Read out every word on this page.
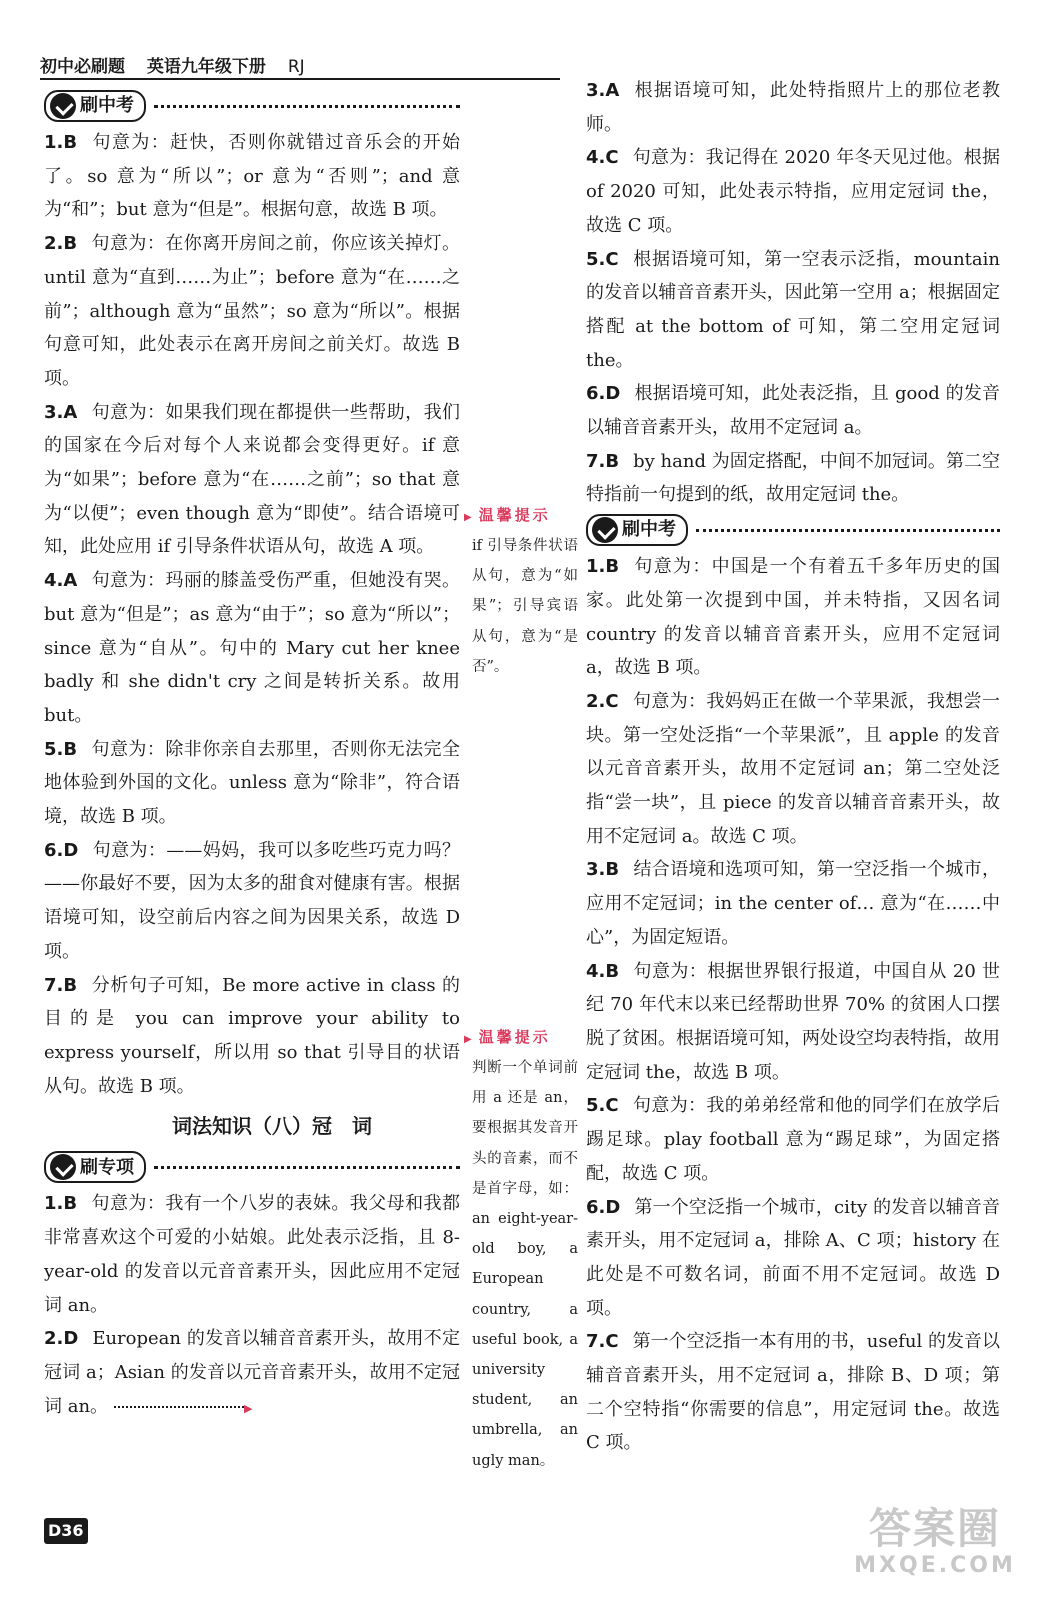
初中必刷题 英语九年级下册 RJ
刷中考
1.B 句意为：赶快，否则你就错过音乐会的开始了。so 意为“所以”；or 意为“否则”；and 意为“和”；but 意为“但是”。根据句意，故选 B 项。
2.B 句意为：在你离开房间之前，你应该关掉灯。until 意为“直到……为止”；before 意为“在……之前”；although 意为“虽然”；so 意为“所以”。根据句意可知，此处表示在离开房间之前关灯。故选 B 项。
3.A 句意为：如果我们现在都提供一些帮助，我们的国家在今后对每个人来说都会变得更好。if 意为“如果”；before 意为“在……之前”；so that 意为“以便”；even though 意为“即使”。结合语境可知，此处应用 if 引导条件状语从句，故选 A 项。
4.A 句意为：玛丽的膝盖受伤严重，但她没有哭。but 意为“但是”；as 意为“由于”；so 意为“所以”；since 意为“自从”。句中的 Mary cut her knee badly 和 she didn't cry 之间是转折关系。故用 but。
5.B 句意为：除非你亲自去那里，否则你无法完全地体验到外国的文化。unless 意为“除非”，符合语境，故选 B 项。
6.D 句意为：——妈妈，我可以多吃些巧克力吗？——你最好不要，因为太多的甜食对健康有害。根据语境可知，设空前后内容之间为因果关系，故选 D 项。
7.B 分析句子可知，Be more active in class 的目的是 you can improve your ability to express yourself，所以用 so that 引导目的状语从句。故选 B 项。
词法知识（八）冠　词
刷专项
1.B 句意为：我有一个八岁的表妹。我父母和我都非常喜欢这个可爱的小姑娘。此处表示泛指，且 8-year-old 的发音以元音音素开头，因此应用不定冠词 an。
2.D European 的发音以辅音音素开头，故用不定冠词 a；Asian 的发音以元音音素开头，故用不定冠词 an。	▶
▶ 温馨提示
if 引导条件状语从句，意为“如果”；引导宾语从句，意为“是否”。
▶ 温馨提示
判断一个单词前用 a 还是 an，要根据其发音开头的音素，而不是首字母，如：an eight-year-old boy, a European country, a useful book, a university student, an umbrella, an ugly man。
3.A 根据语境可知，此处特指照片上的那位老教师。
4.C 句意为：我记得在 2020 年冬天见过他。根据 of 2020 可知，此处表示特指，应用定冠词 the，故选 C 项。
5.C 根据语境可知，第一空表示泛指，mountain 的发音以辅音音素开头，因此第一空用 a；根据固定搭配 at the bottom of 可知，第二空用定冠词 the。
6.D 根据语境可知，此处表泛指，且 good 的发音以辅音音素开头，故用不定冠词 a。
7.B by hand 为固定搭配，中间不加冠词。第二空特指前一句提到的纸，故用定冠词 the。
刷中考
1.B 句意为：中国是一个有着五千多年历史的国家。此处第一次提到中国，并未特指，又因名词 country 的发音以辅音音素开头，应用不定冠词 a，故选 B 项。
2.C 句意为：我妈妈正在做一个苹果派，我想尝一块。第一空处泛指“一个苹果派”，且 apple 的发音以元音音素开头，故用不定冠词 an；第二空处泛指“尝一块”，且 piece 的发音以辅音音素开头，故用不定冠词 a。故选 C 项。
3.B 结合语境和选项可知，第一空泛指一个城市，应用不定冠词；in the center of… 意为“在……中心”，为固定短语。
4.B 句意为：根据世界银行报道，中国自从 20 世纪 70 年代末以来已经帮助世界 70% 的贫困人口摆脱了贫困。根据语境可知，两处设空均表特指，故用定冠词 the，故选 B 项。
5.C 句意为：我的弟弟经常和他的同学们在放学后踢足球。play football 意为“踢足球”，为固定搭配，故选 C 项。
6.D 第一个空泛指一个城市，city 的发音以辅音音素开头，用不定冠词 a，排除 A、C 项；history 在此处是不可数名词，前面不用不定冠词。故选 D 项。
7.C 第一个空泛指一本有用的书，useful 的发音以辅音音素开头，用不定冠词 a，排除 B、D 项；第二个空特指“你需要的信息”，用定冠词 the。故选 C 项。
D36	答案圈
MXQE.COM
